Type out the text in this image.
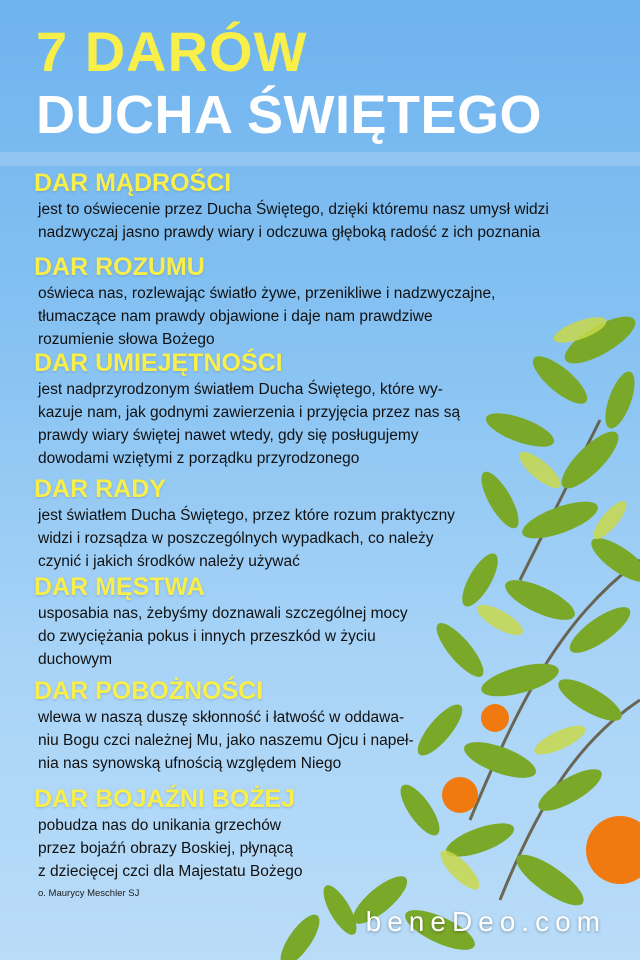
7 DARÓW
DUCHA ŚWIĘTEGO
DAR MĄDROŚCI
jest to oświecenie przez Ducha Świętego, dzięki któremu nasz umysł widzi
nadzwyczaj jasno prawdy wiary i odczuwa głęboką radość z ich poznania
DAR ROZUMU
oświeca nas, rozlewając światło żywe, przenikliwe i nadzwyczajne,
tłumaczące nam prawdy objawione i daje nam prawdziwe
rozumienie słowa Bożego
DAR UMIEJĘTNOŚCI
jest nadprzyrodzonym światłem Ducha Świętego, które wy-
kazuje nam, jak godnymi zawierzenia i przyjęcia przez nas są
prawdy wiary świętej nawet wtedy, gdy się posługujemy
dowodami wziętymi z porządku przyrodzonego
DAR RADY
jest światłem Ducha Świętego, przez które rozum praktyczny
widzi i rozsądza w poszczególnych wypadkach, co należy
czynić i jakich środków należy używać
DAR MĘSTWA
usposabia nas, żebyśmy doznawali szczególnej mocy
do zwyciężania pokus i innych przeszkód w życiu
duchowym
DAR POBOŻNOŚCI
wlewa w naszą duszę skłonność i łatwość w oddawa-
niu Bogu czci należnej Mu, jako naszemu Ojcu i napeł-
nia nas synowską ufnością względem Niego
DAR BOJAŹNI BOŻEJ
pobudza nas do unikania grzechów
przez bojaźń obrazy Boskiej, płynącą
z dziecięcej czci dla Majestatu Bożego
o. Maurycy Meschler SJ
beneDeo.com
